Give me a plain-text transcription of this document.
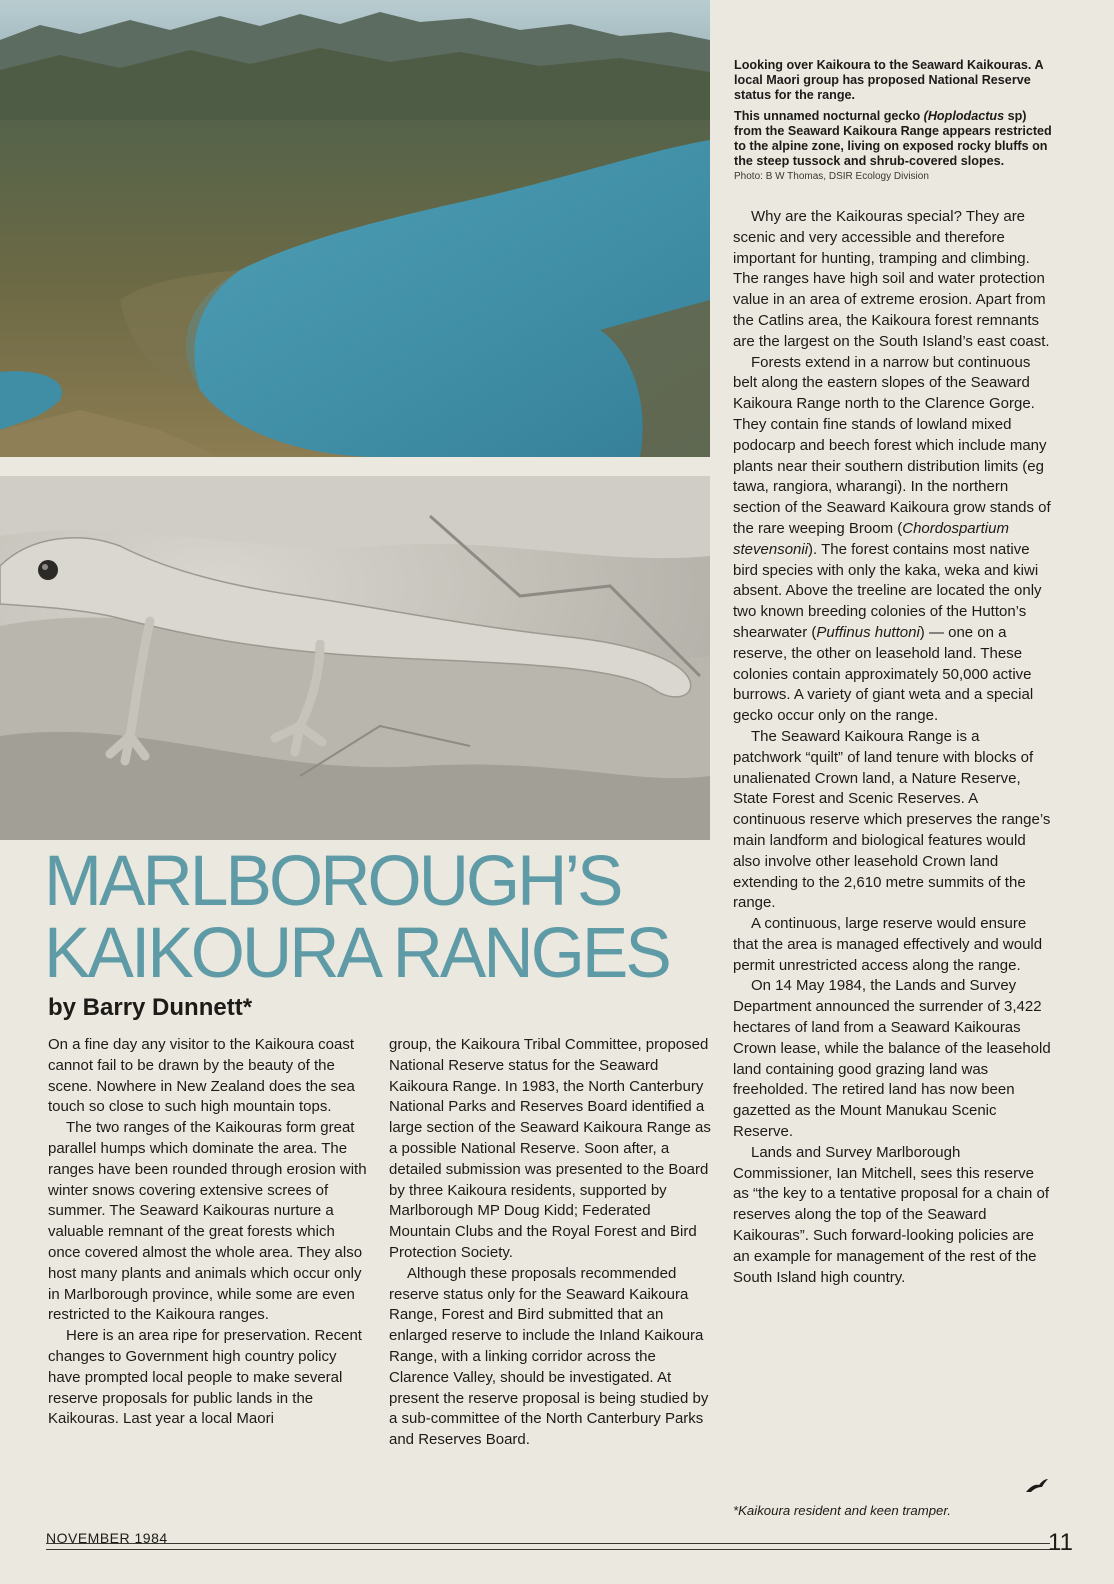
Looking over Kaikoura to the Seaward Kaikouras. A local Maori group has proposed National Reserve status for the range.

This unnamed nocturnal gecko (Hoplodactus sp) from the Seaward Kaikoura Range appears restricted to the alpine zone, living on exposed rocky bluffs on the steep tussock and shrub-covered slopes.

Photo: B W Thomas, DSIR Ecology Division
MARLBOROUGH’S
KAIKOURA RANGES

by Barry Dunnett*

On a fine day any visitor to the Kaikoura coast cannot fail to be drawn by the beauty of the scene. Nowhere in New Zealand does the sea touch so close to such high mountain tops.

The two ranges of the Kaikouras form great parallel humps which dominate the area. The ranges have been rounded through erosion with winter snows covering extensive screes of summer. The Seaward Kaikouras nurture a valuable remnant of the great forests which once covered almost the whole area. They also host many plants and animals which occur only in Marlborough province, while some are even restricted to the Kaikoura ranges.

Here is an area ripe for preservation. Recent changes to Government high country policy have prompted local people to make several reserve proposals for public lands in the Kaikouras. Last year a local Maori

group, the Kaikoura Tribal Committee, proposed National Reserve status for the Seaward Kaikoura Range. In 1983, the North Canterbury National Parks and Reserves Board identified a large section of the Seaward Kaikoura Range as a possible National Reserve. Soon after, a detailed submission was presented to the Board by three Kaikoura residents, supported by Marlborough MP Doug Kidd; Federated Mountain Clubs and the Royal Forest and Bird Protection Society.

Although these proposals recommended reserve status only for the Seaward Kaikoura Range, Forest and Bird submitted that an enlarged reserve to include the Inland Kaikoura Range, with a linking corridor across the Clarence Valley, should be investigated. At present the reserve proposal is being studied by a sub-committee of the North Canterbury Parks and Reserves Board.

Why are the Kaikouras special? They are scenic and very accessible and therefore important for hunting, tramping and climbing. The ranges have high soil and water protection value in an area of extreme erosion. Apart from the Catlins area, the Kaikoura forest remnants are the largest on the South Island’s east coast.

Forests extend in a narrow but continuous belt along the eastern slopes of the Seaward Kaikoura Range north to the Clarence Gorge. They contain fine stands of lowland mixed podocarp and beech forest which include many plants near their southern distribution limits (eg tawa, rangiora, wharangi). In the northern section of the Seaward Kaikoura grow stands of the rare weeping Broom (Chordospartium stevensonii). The forest contains most native bird species with only the kaka, weka and kiwi absent. Above the treeline are located the only two known breeding colonies of the Hutton’s shearwater (Puffinus huttoni) — one on a reserve, the other on leasehold land. These colonies contain approximately 50,000 active burrows. A variety of giant weta and a special gecko occur only on the range.

The Seaward Kaikoura Range is a patchwork “quilt” of land tenure with blocks of unalienated Crown land, a Nature Reserve, State Forest and Scenic Reserves. A continuous reserve which preserves the range’s main landform and biological features would also involve other leasehold Crown land extending to the 2,610 metre summits of the range.

A continuous, large reserve would ensure that the area is managed effectively and would permit unrestricted access along the range.

On 14 May 1984, the Lands and Survey Department announced the surrender of 3,422 hectares of land from a Seaward Kaikouras Crown lease, while the balance of the leasehold land containing good grazing land was freeholded. The retired land has now been gazetted as the Mount Manukau Scenic Reserve.

Lands and Survey Marlborough Commissioner, Ian Mitchell, sees this reserve as “the key to a tentative proposal for a chain of reserves along the top of the Seaward Kaikouras”. Such forward-looking policies are an example for management of the rest of the South Island high country.

*Kaikoura resident and keen tramper.
NOVEMBER 1984	11
